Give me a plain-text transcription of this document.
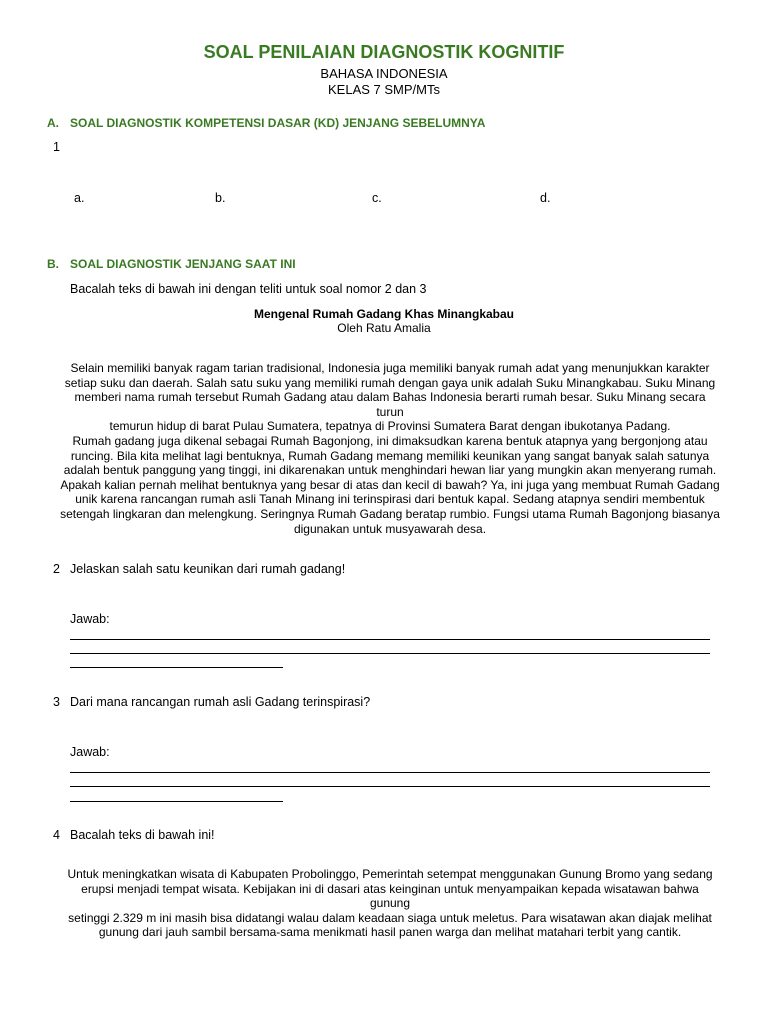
SOAL PENILAIAN DIAGNOSTIK KOGNITIF
BAHASA INDONESIA
KELAS 7 SMP/MTs
A. SOAL DIAGNOSTIK KOMPETENSI DASAR (KD) JENJANG SEBELUMNYA
1
a.	b.	c.	d.
B. SOAL DIAGNOSTIK JENJANG SAAT INI
Bacalah teks di bawah ini dengan teliti untuk soal nomor 2 dan 3
Mengenal Rumah Gadang Khas Minangkabau
Oleh Ratu Amalia
Selain memiliki banyak ragam tarian tradisional, Indonesia juga memiliki banyak rumah adat yang menunjukkan karakter
setiap suku dan daerah. Salah satu suku yang memiliki rumah dengan gaya unik adalah Suku Minangkabau. Suku Minang
memberi nama rumah tersebut Rumah Gadang atau dalam Bahas Indonesia berarti rumah besar. Suku Minang secara turun
temurun hidup di barat Pulau Sumatera, tepatnya di Provinsi Sumatera Barat dengan ibukotanya Padang.
Rumah gadang juga dikenal sebagai Rumah Bagonjong, ini dimaksudkan karena bentuk atapnya yang bergonjong atau
runcing. Bila kita melihat lagi bentuknya, Rumah Gadang memang memiliki keunikan yang sangat banyak salah satunya
adalah bentuk panggung yang tinggi, ini dikarenakan untuk menghindari hewan liar yang mungkin akan menyerang rumah.
Apakah kalian pernah melihat bentuknya yang besar di atas dan kecil di bawah? Ya, ini juga yang membuat Rumah Gadang
unik karena rancangan rumah asli Tanah Minang ini terinspirasi dari bentuk kapal. Sedang atapnya sendiri membentuk
setengah lingkaran dan melengkung. Seringnya Rumah Gadang beratap rumbio. Fungsi utama Rumah Bagonjong biasanya
digunakan untuk musyawarah desa.
2 Jelaskan salah satu keunikan dari rumah gadang!
Jawab:
3 Dari mana rancangan rumah asli Gadang terinspirasi?
Jawab:
4 Bacalah teks di bawah ini!
Untuk meningkatkan wisata di Kabupaten Probolinggo, Pemerintah setempat menggunakan Gunung Bromo yang sedang
erupsi menjadi tempat wisata. Kebijakan ini di dasari atas keinginan untuk menyampaikan kepada wisatawan bahwa gunung
setinggi 2.329 m ini masih bisa didatangi walau dalam keadaan siaga untuk meletus. Para wisatawan akan diajak melihat
gunung dari jauh sambil bersama-sama menikmati hasil panen warga dan melihat matahari terbit yang cantik.
